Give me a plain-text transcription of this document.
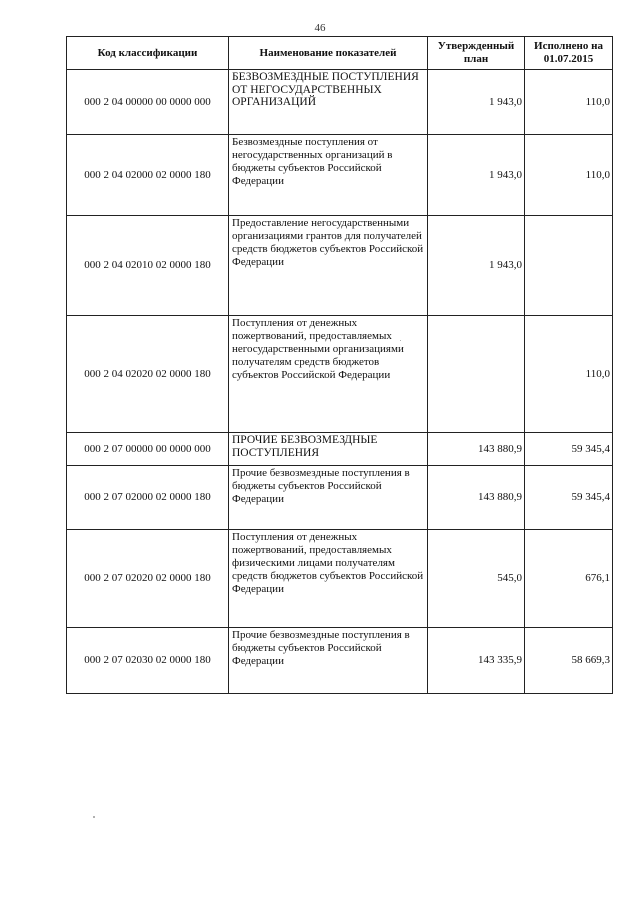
46
Код классификации	Наименование показателей	Утвержденный план	Исполнено на 01.07.2015
000 2 04 00000 00 0000 000	БЕЗВОЗМЕЗДНЫЕ ПОСТУПЛЕНИЯ ОТ НЕГОСУДАРСТВЕННЫХ ОРГАНИЗАЦИЙ	1 943,0	110,0
000 2 04 02000 02 0000 180	Безвозмездные поступления от негосударственных организаций в бюджеты субъектов Российской Федерации	1 943,0	110,0
000 2 04 02010 02 0000 180	Предоставление негосударственными организациями грантов для получателей средств бюджетов субъектов Российской Федерации	1 943,0	
000 2 04 02020 02 0000 180	Поступления от денежных пожертвований, предоставляемых негосударственными организациями получателям средств бюджетов субъектов Российской Федерации		110,0
000 2 07 00000 00 0000 000	ПРОЧИЕ БЕЗВОЗМЕЗДНЫЕ ПОСТУПЛЕНИЯ	143 880,9	59 345,4
000 2 07 02000 02 0000 180	Прочие безвозмездные поступления в бюджеты субъектов Российской Федерации	143 880,9	59 345,4
000 2 07 02020 02 0000 180	Поступления от денежных пожертвований, предоставляемых физическими лицами получателям средств бюджетов субъектов Российской Федерации	545,0	676,1
000 2 07 02030 02 0000 180	Прочие безвозмездные поступления в бюджеты субъектов Российской Федерации	143 335,9	58 669,3
